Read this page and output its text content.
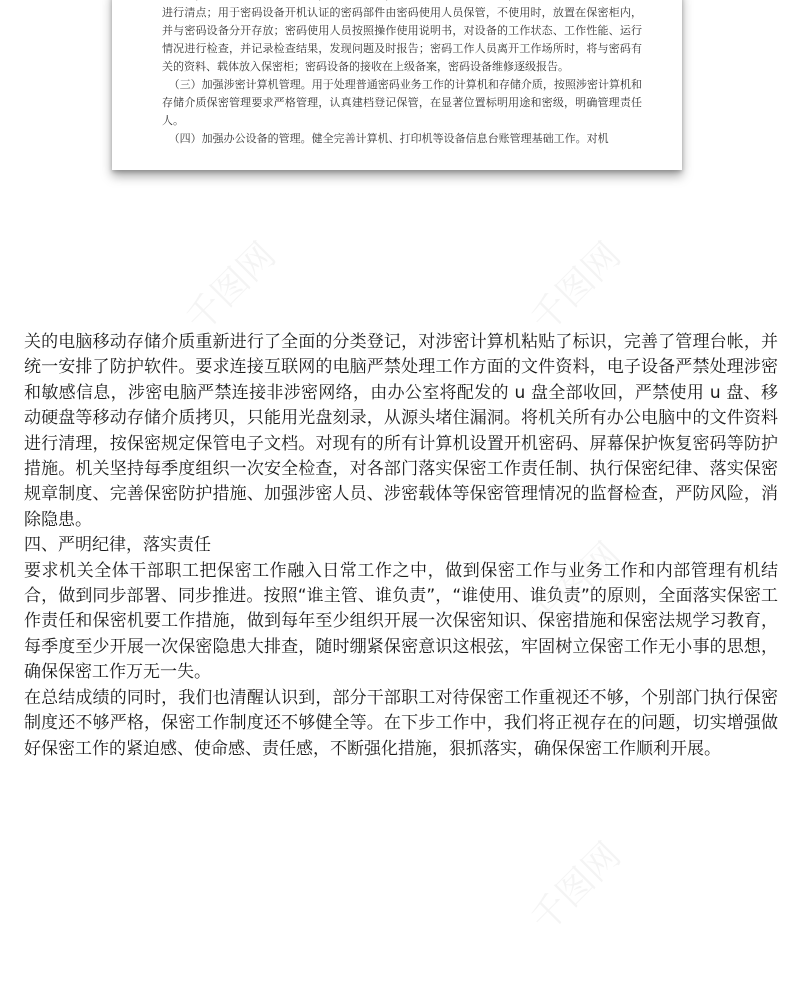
进行清点；用于密码设备开机认证的密码部件由密码使用人员保管，不使用时，放置在保密柜内，并与密码设备分开存放；密码使用人员按照操作使用说明书，对设备的工作状态、工作性能、运行情况进行检查，并记录检查结果，发现问题及时报告；密码工作人员离开工作场所时，将与密码有关的资料、载体放入保密柜；密码设备的接收在上级备案，密码设备维修逐级报告。

（三）加强涉密计算机管理。用于处理普通密码业务工作的计算机和存储介质，按照涉密计算机和存储介质保密管理要求严格管理，认真建档登记保管，在显著位置标明用途和密级，明确管理责任人。

（四）加强办公设备的管理。健全完善计算机、打印机等设备信息台账管理基础工作。对机

关的电脑移动存储介质重新进行了全面的分类登记，对涉密计算机粘贴了标识，完善了管理台帐，并统一安排了防护软件。要求连接互联网的电脑严禁处理工作方面的文件资料，电子设备严禁处理涉密和敏感信息，涉密电脑严禁连接非涉密网络，由办公室将配发的 u 盘全部收回，严禁使用 u 盘、移动硬盘等移动存储介质拷贝，只能用光盘刻录，从源头堵住漏洞。将机关所有办公电脑中的文件资料进行清理，按保密规定保管电子文档。对现有的所有计算机设置开机密码、屏幕保护恢复密码等防护措施。机关坚持每季度组织一次安全检查，对各部门落实保密工作责任制、执行保密纪律、落实保密规章制度、完善保密防护措施、加强涉密人员、涉密载体等保密管理情况的监督检查，严防风险，消除隐患。

四、严明纪律，落实责任

要求机关全体干部职工把保密工作融入日常工作之中，做到保密工作与业务工作和内部管理有机结合，做到同步部署、同步推进。按照“谁主管、谁负责”，“谁使用、谁负责”的原则，全面落实保密工作责任和保密机要工作措施，做到每年至少组织开展一次保密知识、保密措施和保密法规学习教育，每季度至少开展一次保密隐患大排查，随时绷紧保密意识这根弦，牢固树立保密工作无小事的思想，确保保密工作万无一失。

在总结成绩的同时，我们也清醒认识到，部分干部职工对待保密工作重视还不够，个别部门执行保密制度还不够严格，保密工作制度还不够健全等。在下步工作中，我们将正视存在的问题，切实增强做好保密工作的紧迫感、使命感、责任感，不断强化措施，狠抓落实，确保保密工作顺利开展。
